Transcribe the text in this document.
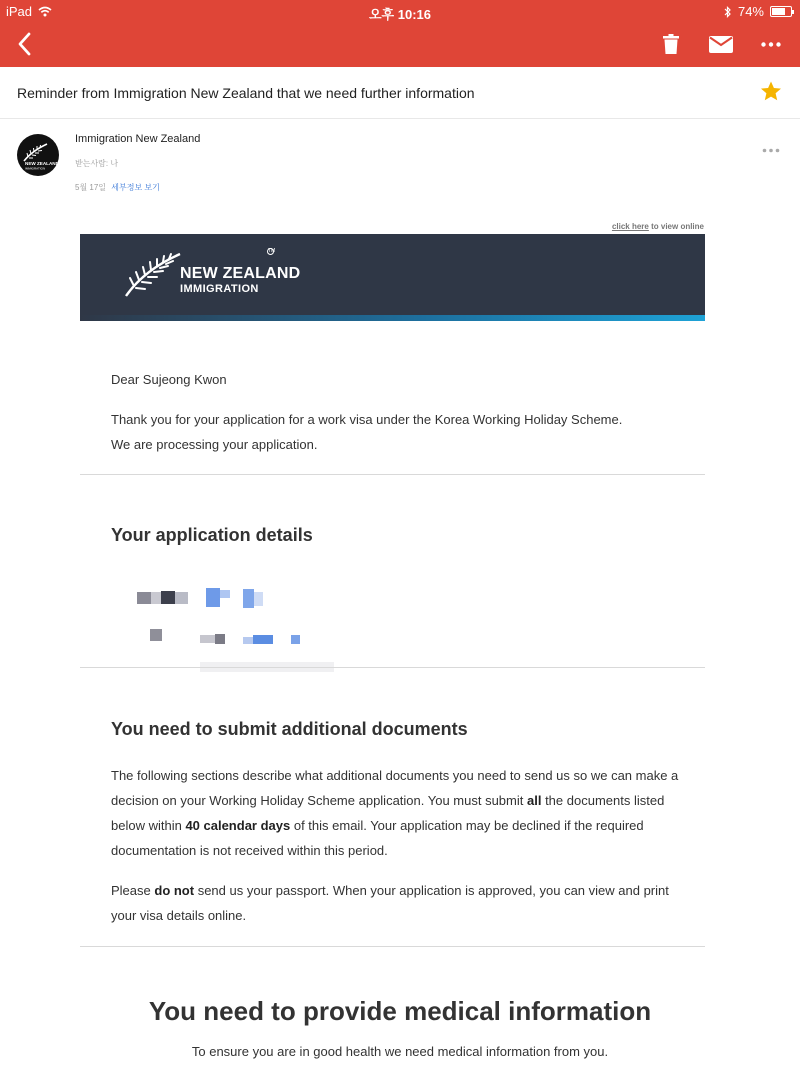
iPad	오후 10:16	74%
Reminder from Immigration New Zealand that we need further information
NEW ZEALAND
IMMIGRATION
Immigration New Zealand
받는사람: 나
5월 17일 세부정보 보기
click here to view online
TM
NEW ZEALAND
IMMIGRATION
Dear Sujeong Kwon
Thank you for your application for a work visa under the Korea Working Holiday Scheme.
We are processing your application.
Your application details
You need to submit additional documents
The following sections describe what additional documents you need to send us so we can make a decision on your Working Holiday Scheme application. You must submit all the documents listed below within 40 calendar days of this email. Your application may be declined if the required documentation is not received within this period.
Please do not send us your passport. When your application is approved, you can view and print your visa details online.
You need to provide medical information
To ensure you are in good health we need medical information from you.
